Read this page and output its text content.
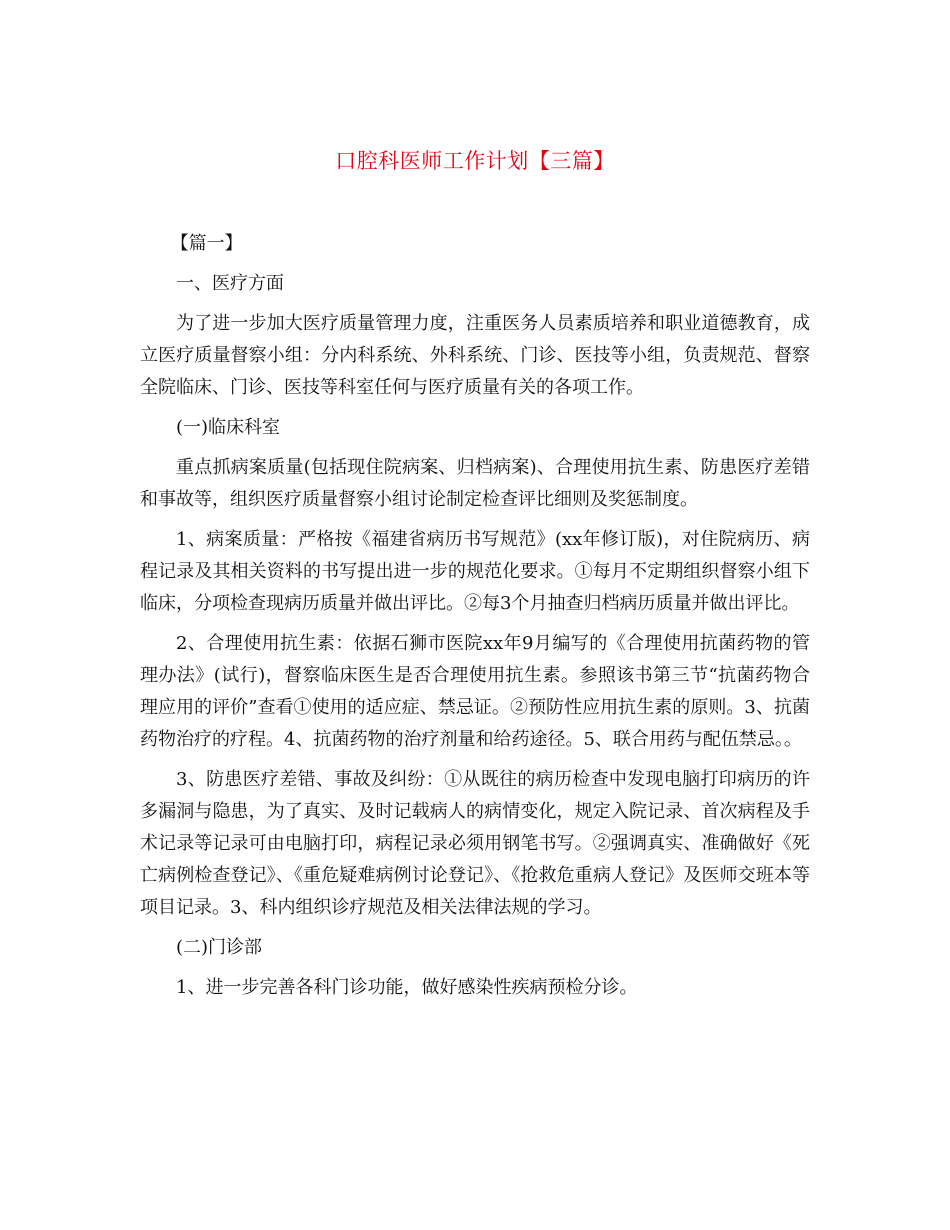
口腔科医师工作计划【三篇】

【篇一】

一、医疗方面

为了进一步加大医疗质量管理力度，注重医务人员素质培养和职业道德教育，成立医疗质量督察小组：分内科系统、外科系统、门诊、医技等小组，负责规范、督察全院临床、门诊、医技等科室任何与医疗质量有关的各项工作。

(一)临床科室

重点抓病案质量(包括现住院病案、归档病案)、合理使用抗生素、防患医疗差错和事故等，组织医疗质量督察小组讨论制定检查评比细则及奖惩制度。

1、病案质量：严格按《福建省病历书写规范》(xx年修订版)，对住院病历、病程记录及其相关资料的书写提出进一步的规范化要求。①每月不定期组织督察小组下临床，分项检查现病历质量并做出评比。②每3个月抽查归档病历质量并做出评比。

2、合理使用抗生素：依据石狮市医院xx年9月编写的《合理使用抗菌药物的管理办法》(试行)，督察临床医生是否合理使用抗生素。参照该书第三节“抗菌药物合理应用的评价”查看①使用的适应症、禁忌证。②预防性应用抗生素的原则。3、抗菌药物治疗的疗程。4、抗菌药物的治疗剂量和给药途径。5、联合用药与配伍禁忌。。

3、防患医疗差错、事故及纠纷：①从既往的病历检查中发现电脑打印病历的许多漏洞与隐患，为了真实、及时记载病人的病情变化，规定入院记录、首次病程及手术记录等记录可由电脑打印，病程记录必须用钢笔书写。②强调真实、准确做好《死亡病例检查登记》、《重危疑难病例讨论登记》、《抢救危重病人登记》及医师交班本等项目记录。3、科内组织诊疗规范及相关法律法规的学习。

(二)门诊部

1、进一步完善各科门诊功能，做好感染性疾病预检分诊。
